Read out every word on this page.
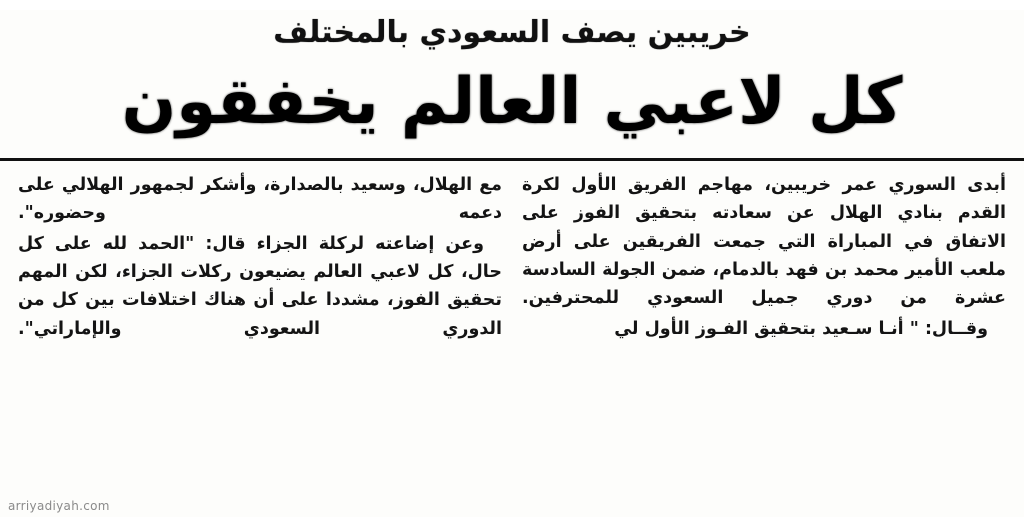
خريبين يصف السعودي بالمختلف
كل لاعبي العالم يخفقون

أبدى السوري عمر خريبين، مهاجم الفريق الأول لكرة القدم بنادي الهلال عن سعادته بتحقيق الفوز على الاتفاق في المباراة التي جمعت الفريقين على أرض ملعب الأمير محمد بن فهد بالدمام، ضمن الجولة السادسة عشرة من دوري جميل السعودي للمحترفين.

وقــال: " أنـا سـعيد بتحقيق الفـوز الأول لي

مع الهلال، وسعيد بالصدارة، وأشكر لجمهور الهلالي على دعمه وحضوره".

وعن إضاعته لركلة الجزاء قال: "الحمد لله على كل حال، كل لاعبي العالم يضيعون ركلات الجزاء، لكن المهم تحقيق الفوز، مشددا على أن هناك اختلافات بين كل من الدوري السعودي والإماراتي".

arriyadiyah.com
